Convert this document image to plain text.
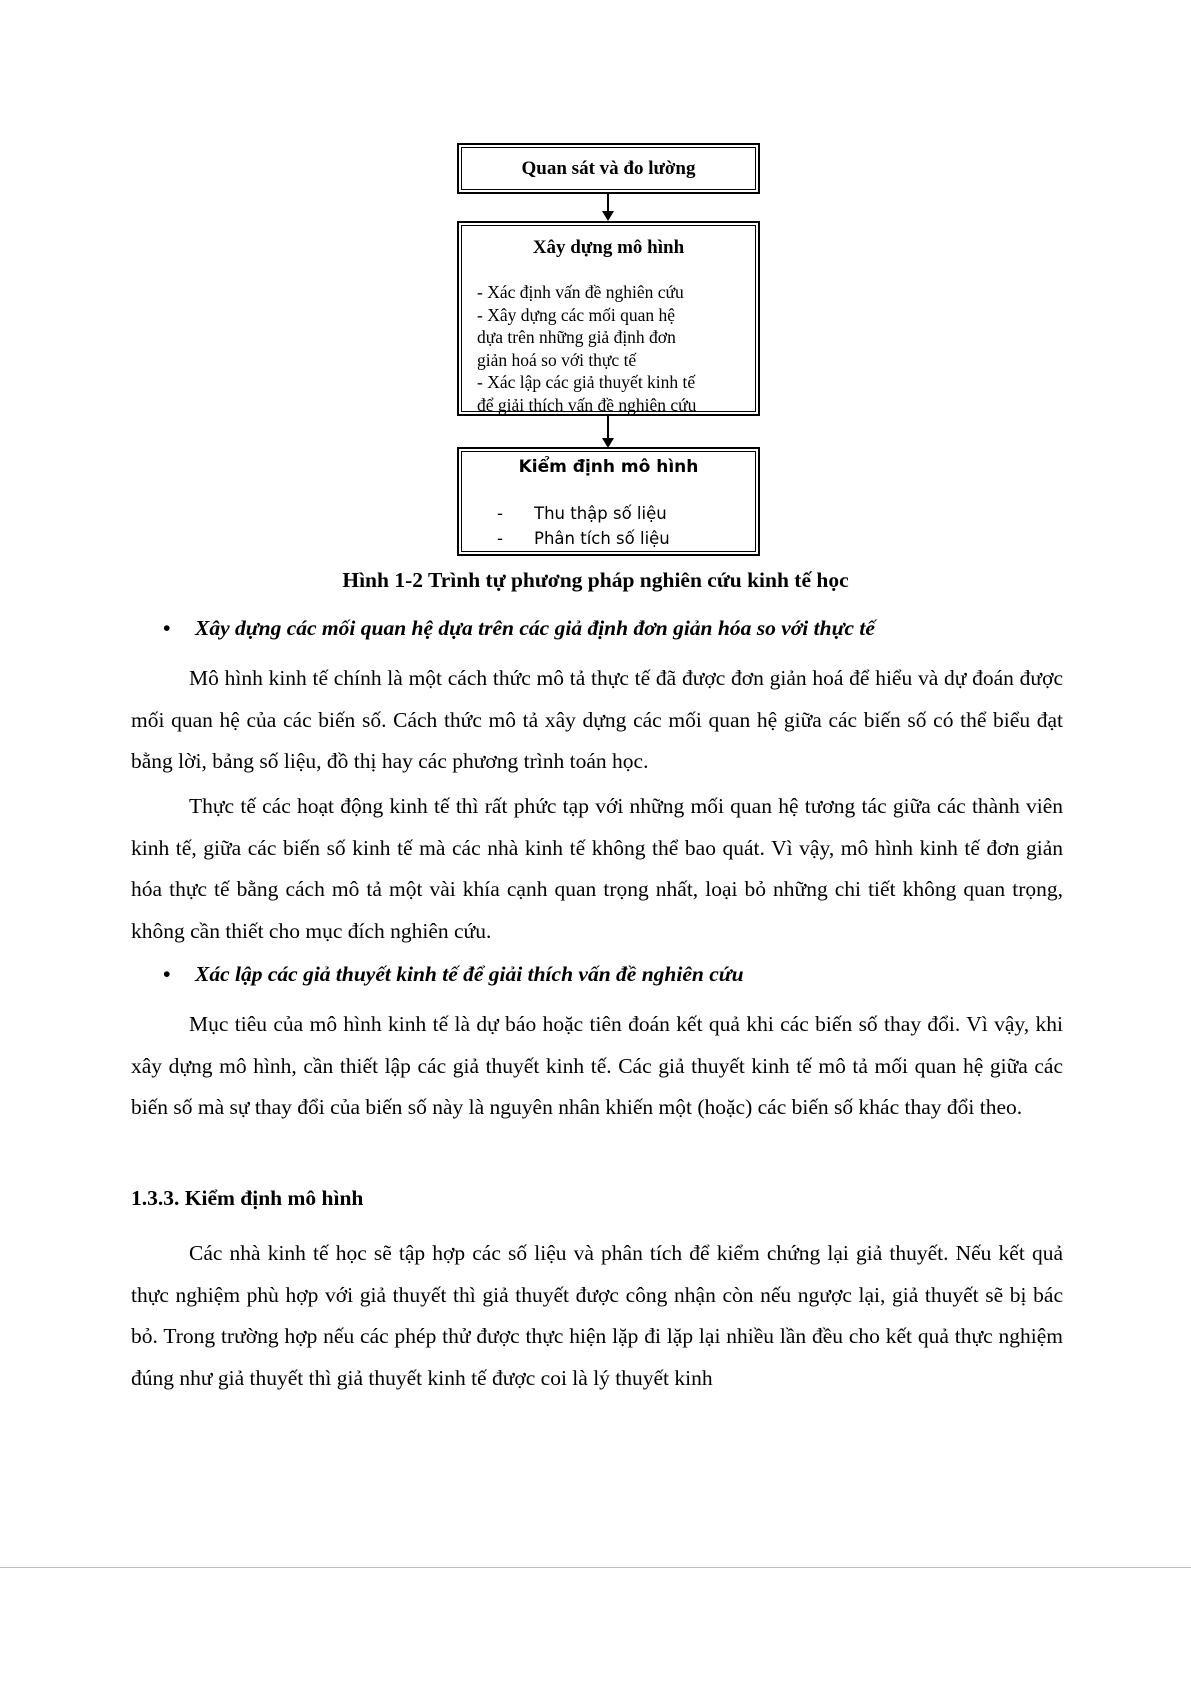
Quan sát và đo lường
Xây dựng mô hình
- Xác định vấn đề nghiên cứu
- Xây dựng các mối quan hệ
dựa trên những giả định đơn
giản hoá so với thực tế
- Xác lập các giả thuyết kinh tế
để giải thích vấn đề nghiên cứu
Kiểm định mô hình
- Thu thập số liệu
- Phân tích số liệu
Hình 1-2 Trình tự phương pháp nghiên cứu kinh tế học
• Xây dựng các mối quan hệ dựa trên các giả định đơn giản hóa so với thực tế
Mô hình kinh tế chính là một cách thức mô tả thực tế đã được đơn giản hoá để hiểu và dự đoán được mối quan hệ của các biến số. Cách thức mô tả xây dựng các mối quan hệ giữa các biến số có thể biểu đạt bằng lời, bảng số liệu, đồ thị hay các phương trình toán học.
Thực tế các hoạt động kinh tế thì rất phức tạp với những mối quan hệ tương tác giữa các thành viên kinh tế, giữa các biến số kinh tế mà các nhà kinh tế không thể bao quát. Vì vậy, mô hình kinh tế đơn giản hóa thực tế bằng cách mô tả một vài khía cạnh quan trọng nhất, loại bỏ những chi tiết không quan trọng, không cần thiết cho mục đích nghiên cứu.
• Xác lập các giả thuyết kinh tế để giải thích vấn đề nghiên cứu
Mục tiêu của mô hình kinh tế là dự báo hoặc tiên đoán kết quả khi các biến số thay đổi. Vì vậy, khi xây dựng mô hình, cần thiết lập các giả thuyết kinh tế. Các giả thuyết kinh tế mô tả mối quan hệ giữa các biến số mà sự thay đổi của biến số này là nguyên nhân khiến một (hoặc) các biến số khác thay đổi theo.
1.3.3. Kiểm định mô hình
Các nhà kinh tế học sẽ tập hợp các số liệu và phân tích để kiểm chứng lại giả thuyết. Nếu kết quả thực nghiệm phù hợp với giả thuyết thì giả thuyết được công nhận còn nếu ngược lại, giả thuyết sẽ bị bác bỏ. Trong trường hợp nếu các phép thử được thực hiện lặp đi lặp lại nhiều lần đều cho kết quả thực nghiệm đúng như giả thuyết thì giả thuyết kinh tế được coi là lý thuyết kinh
